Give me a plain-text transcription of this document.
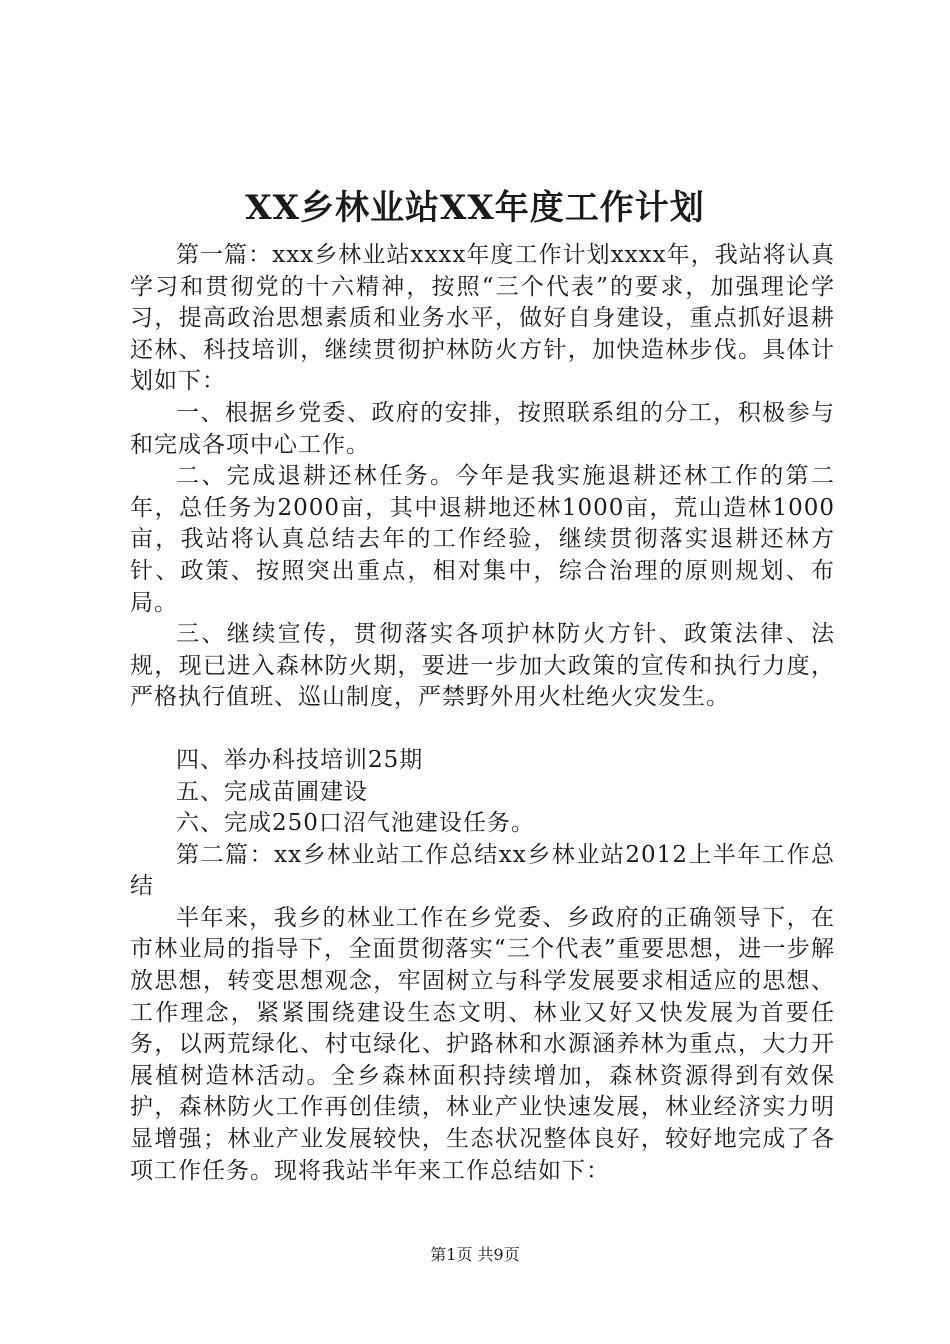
XX乡林业站XX年度工作计划

第一篇：xxx乡林业站xxxx年度工作计划xxxx年，我站将认真学习和贯彻党的十六精神，按照“三个代表”的要求，加强理论学习，提高政治思想素质和业务水平，做好自身建设，重点抓好退耕还林、科技培训，继续贯彻护林防火方针，加快造林步伐。具体计划如下：

一、根据乡党委、政府的安排，按照联系组的分工，积极参与和完成各项中心工作。

二、完成退耕还林任务。今年是我实施退耕还林工作的第二年，总任务为2000亩，其中退耕地还林1000亩，荒山造林1000亩，我站将认真总结去年的工作经验，继续贯彻落实退耕还林方针、政策、按照突出重点，相对集中，综合治理的原则规划、布局。

三、继续宣传，贯彻落实各项护林防火方针、政策法律、法规，现已进入森林防火期，要进一步加大政策的宣传和执行力度，严格执行值班、巡山制度，严禁野外用火杜绝火灾发生。

四、举办科技培训25期

五、完成苗圃建设

六、完成250口沼气池建设任务。

第二篇：xx乡林业站工作总结xx乡林业站2012上半年工作总结

半年来，我乡的林业工作在乡党委、乡政府的正确领导下，在市林业局的指导下，全面贯彻落实“三个代表”重要思想，进一步解放思想，转变思想观念，牢固树立与科学发展要求相适应的思想、工作理念，紧紧围绕建设生态文明、林业又好又快发展为首要任务，以两荒绿化、村屯绿化、护路林和水源涵养林为重点，大力开展植树造林活动。全乡森林面积持续增加，森林资源得到有效保护，森林防火工作再创佳绩，林业产业快速发展，林业经济实力明显增强；林业产业发展较快，生态状况整体良好，较好地完成了各项工作任务。现将我站半年来工作总结如下：

第1页 共9页
